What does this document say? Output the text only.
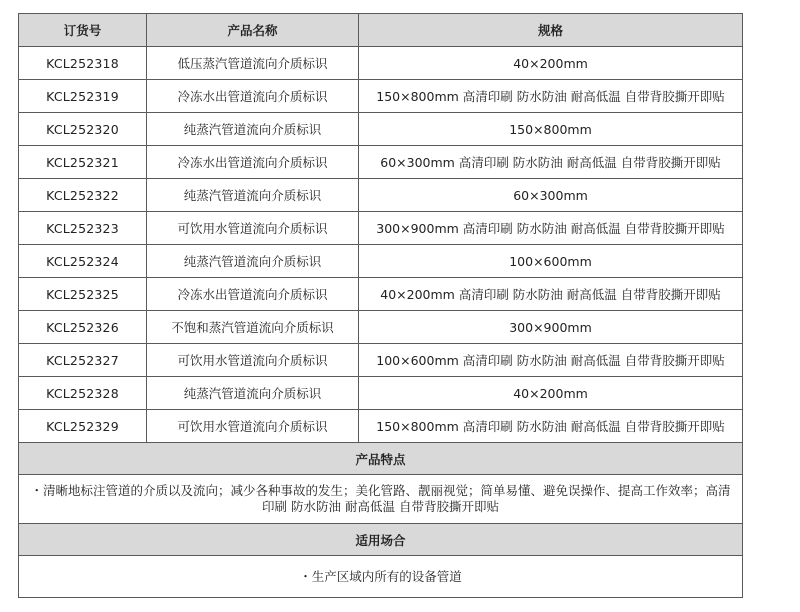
订货号	产品名称	规格
KCL252318	低压蒸汽管道流向介质标识	40×200mm
KCL252319	冷冻水出管道流向介质标识	150×800mm 高清印刷 防水防油 耐高低温 自带背胶撕开即贴
KCL252320	纯蒸汽管道流向介质标识	150×800mm
KCL252321	冷冻水出管道流向介质标识	60×300mm 高清印刷 防水防油 耐高低温 自带背胶撕开即贴
KCL252322	纯蒸汽管道流向介质标识	60×300mm
KCL252323	可饮用水管道流向介质标识	300×900mm 高清印刷 防水防油 耐高低温 自带背胶撕开即贴
KCL252324	纯蒸汽管道流向介质标识	100×600mm
KCL252325	冷冻水出管道流向介质标识	40×200mm 高清印刷 防水防油 耐高低温 自带背胶撕开即贴
KCL252326	不饱和蒸汽管道流向介质标识	300×900mm
KCL252327	可饮用水管道流向介质标识	100×600mm 高清印刷 防水防油 耐高低温 自带背胶撕开即贴
KCL252328	纯蒸汽管道流向介质标识	40×200mm
KCL252329	可饮用水管道流向介质标识	150×800mm 高清印刷 防水防油 耐高低温 自带背胶撕开即贴
产品特点		
・清晰地标注管道的介质以及流向；减少各种事故的发生；美化管路、靓丽视觉；简单易懂、避免误操作、提高工作效率；高清印刷 防水防油 耐高低温 自带背胶撕开即贴		
适用场合		
・生产区域内所有的设备管道		
